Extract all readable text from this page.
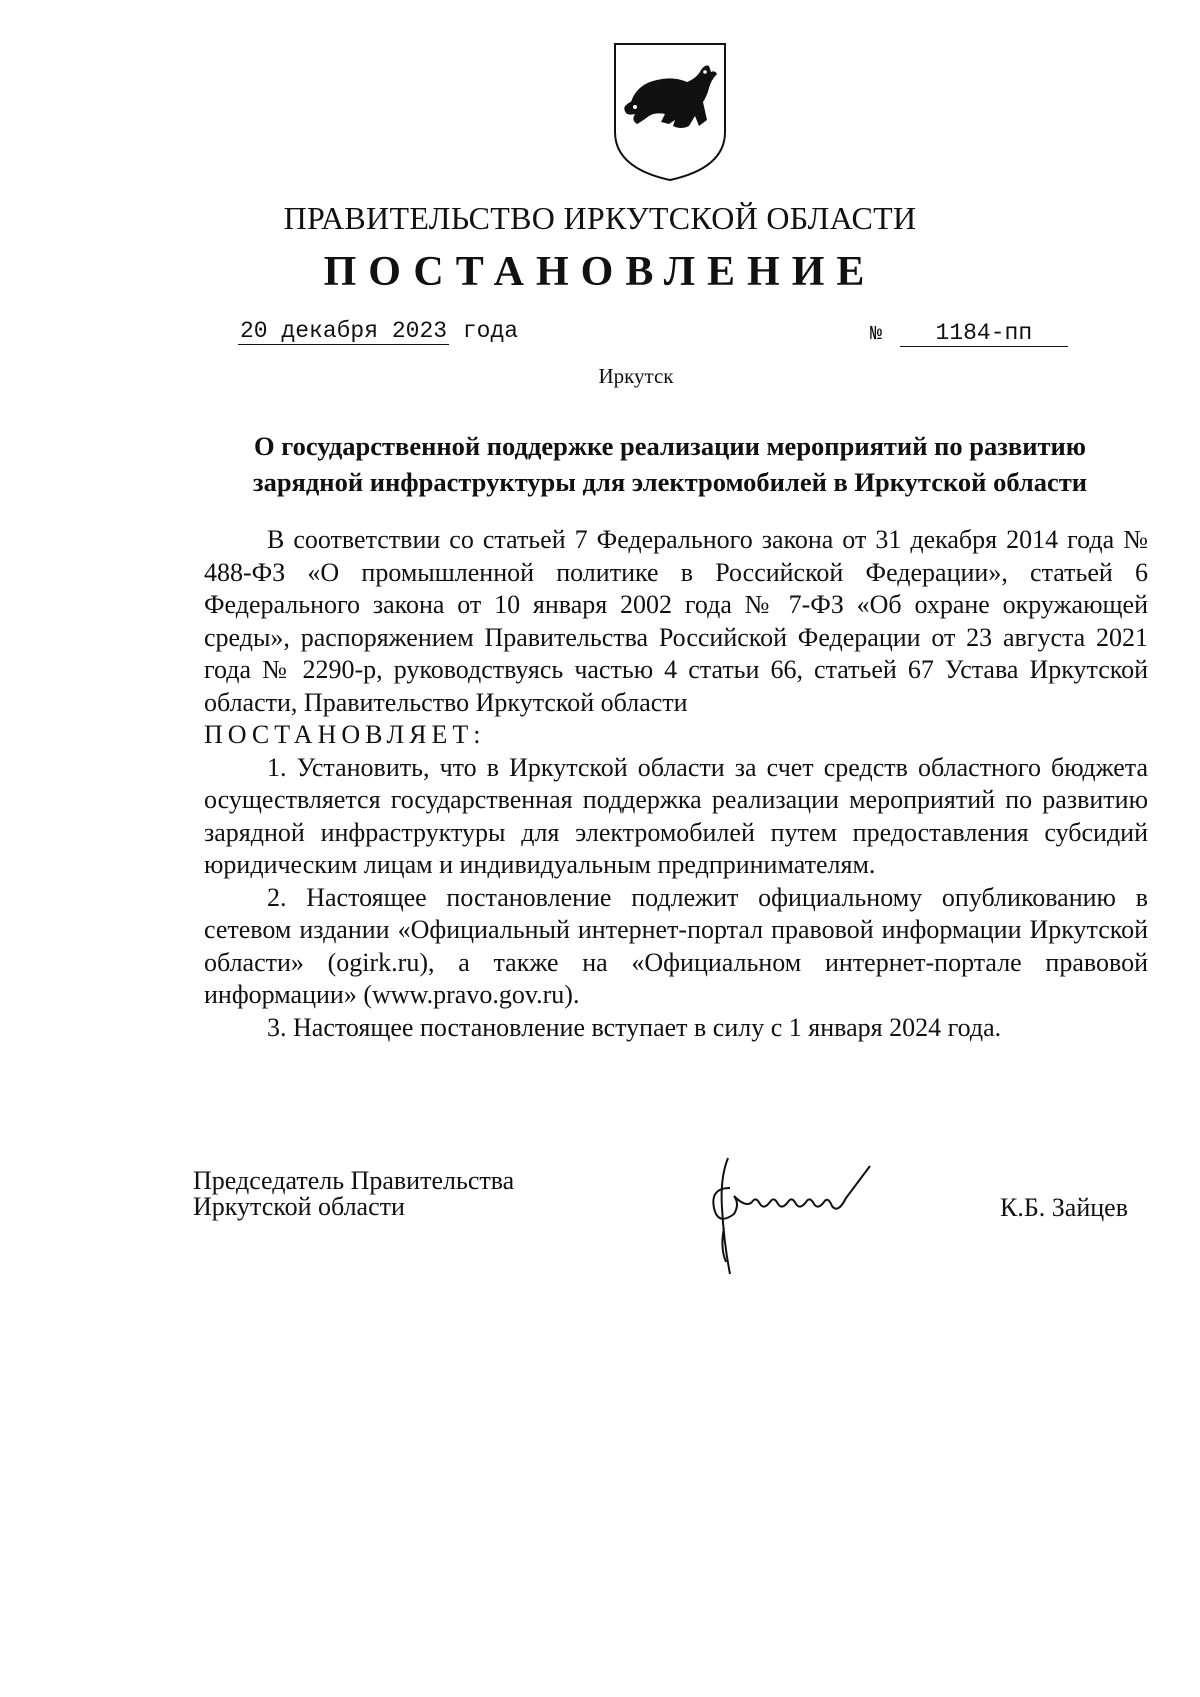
ПРАВИТЕЛЬСТВО ИРКУТСКОЙ ОБЛАСТИ
ПОСТАНОВЛЕНИЕ
20 декабря 2023 года	№ 1184-пп
Иркутск
О государственной поддержке реализации мероприятий по развитию зарядной инфраструктуры для электромобилей в Иркутской области

В соответствии со статьей 7 Федерального закона от 31 декабря 2014 года № 488-ФЗ «О промышленной политике в Российской Федерации», статьей 6 Федерального закона от 10 января 2002 года № 7-ФЗ «Об охране окружающей среды», распоряжением Правительства Российской Федерации от 23 августа 2021 года № 2290-р, руководствуясь частью 4 статьи 66, статьей 67 Устава Иркутской области, Правительство Иркутской области

ПОСТАНОВЛЯЕТ:

1. Установить, что в Иркутской области за счет средств областного бюджета осуществляется государственная поддержка реализации мероприятий по развитию зарядной инфраструктуры для электромобилей путем предоставления субсидий юридическим лицам и индивидуальным предпринимателям.

2. Настоящее постановление подлежит официальному опубликованию в сетевом издании «Официальный интернет-портал правовой информации Иркутской области» (ogirk.ru), а также на «Официальном интернет-портале правовой информации» (www.pravo.gov.ru).

3. Настоящее постановление вступает в силу с 1 января 2024 года.

Председатель Правительства
Иркутской области	К.Б. Зайцев
